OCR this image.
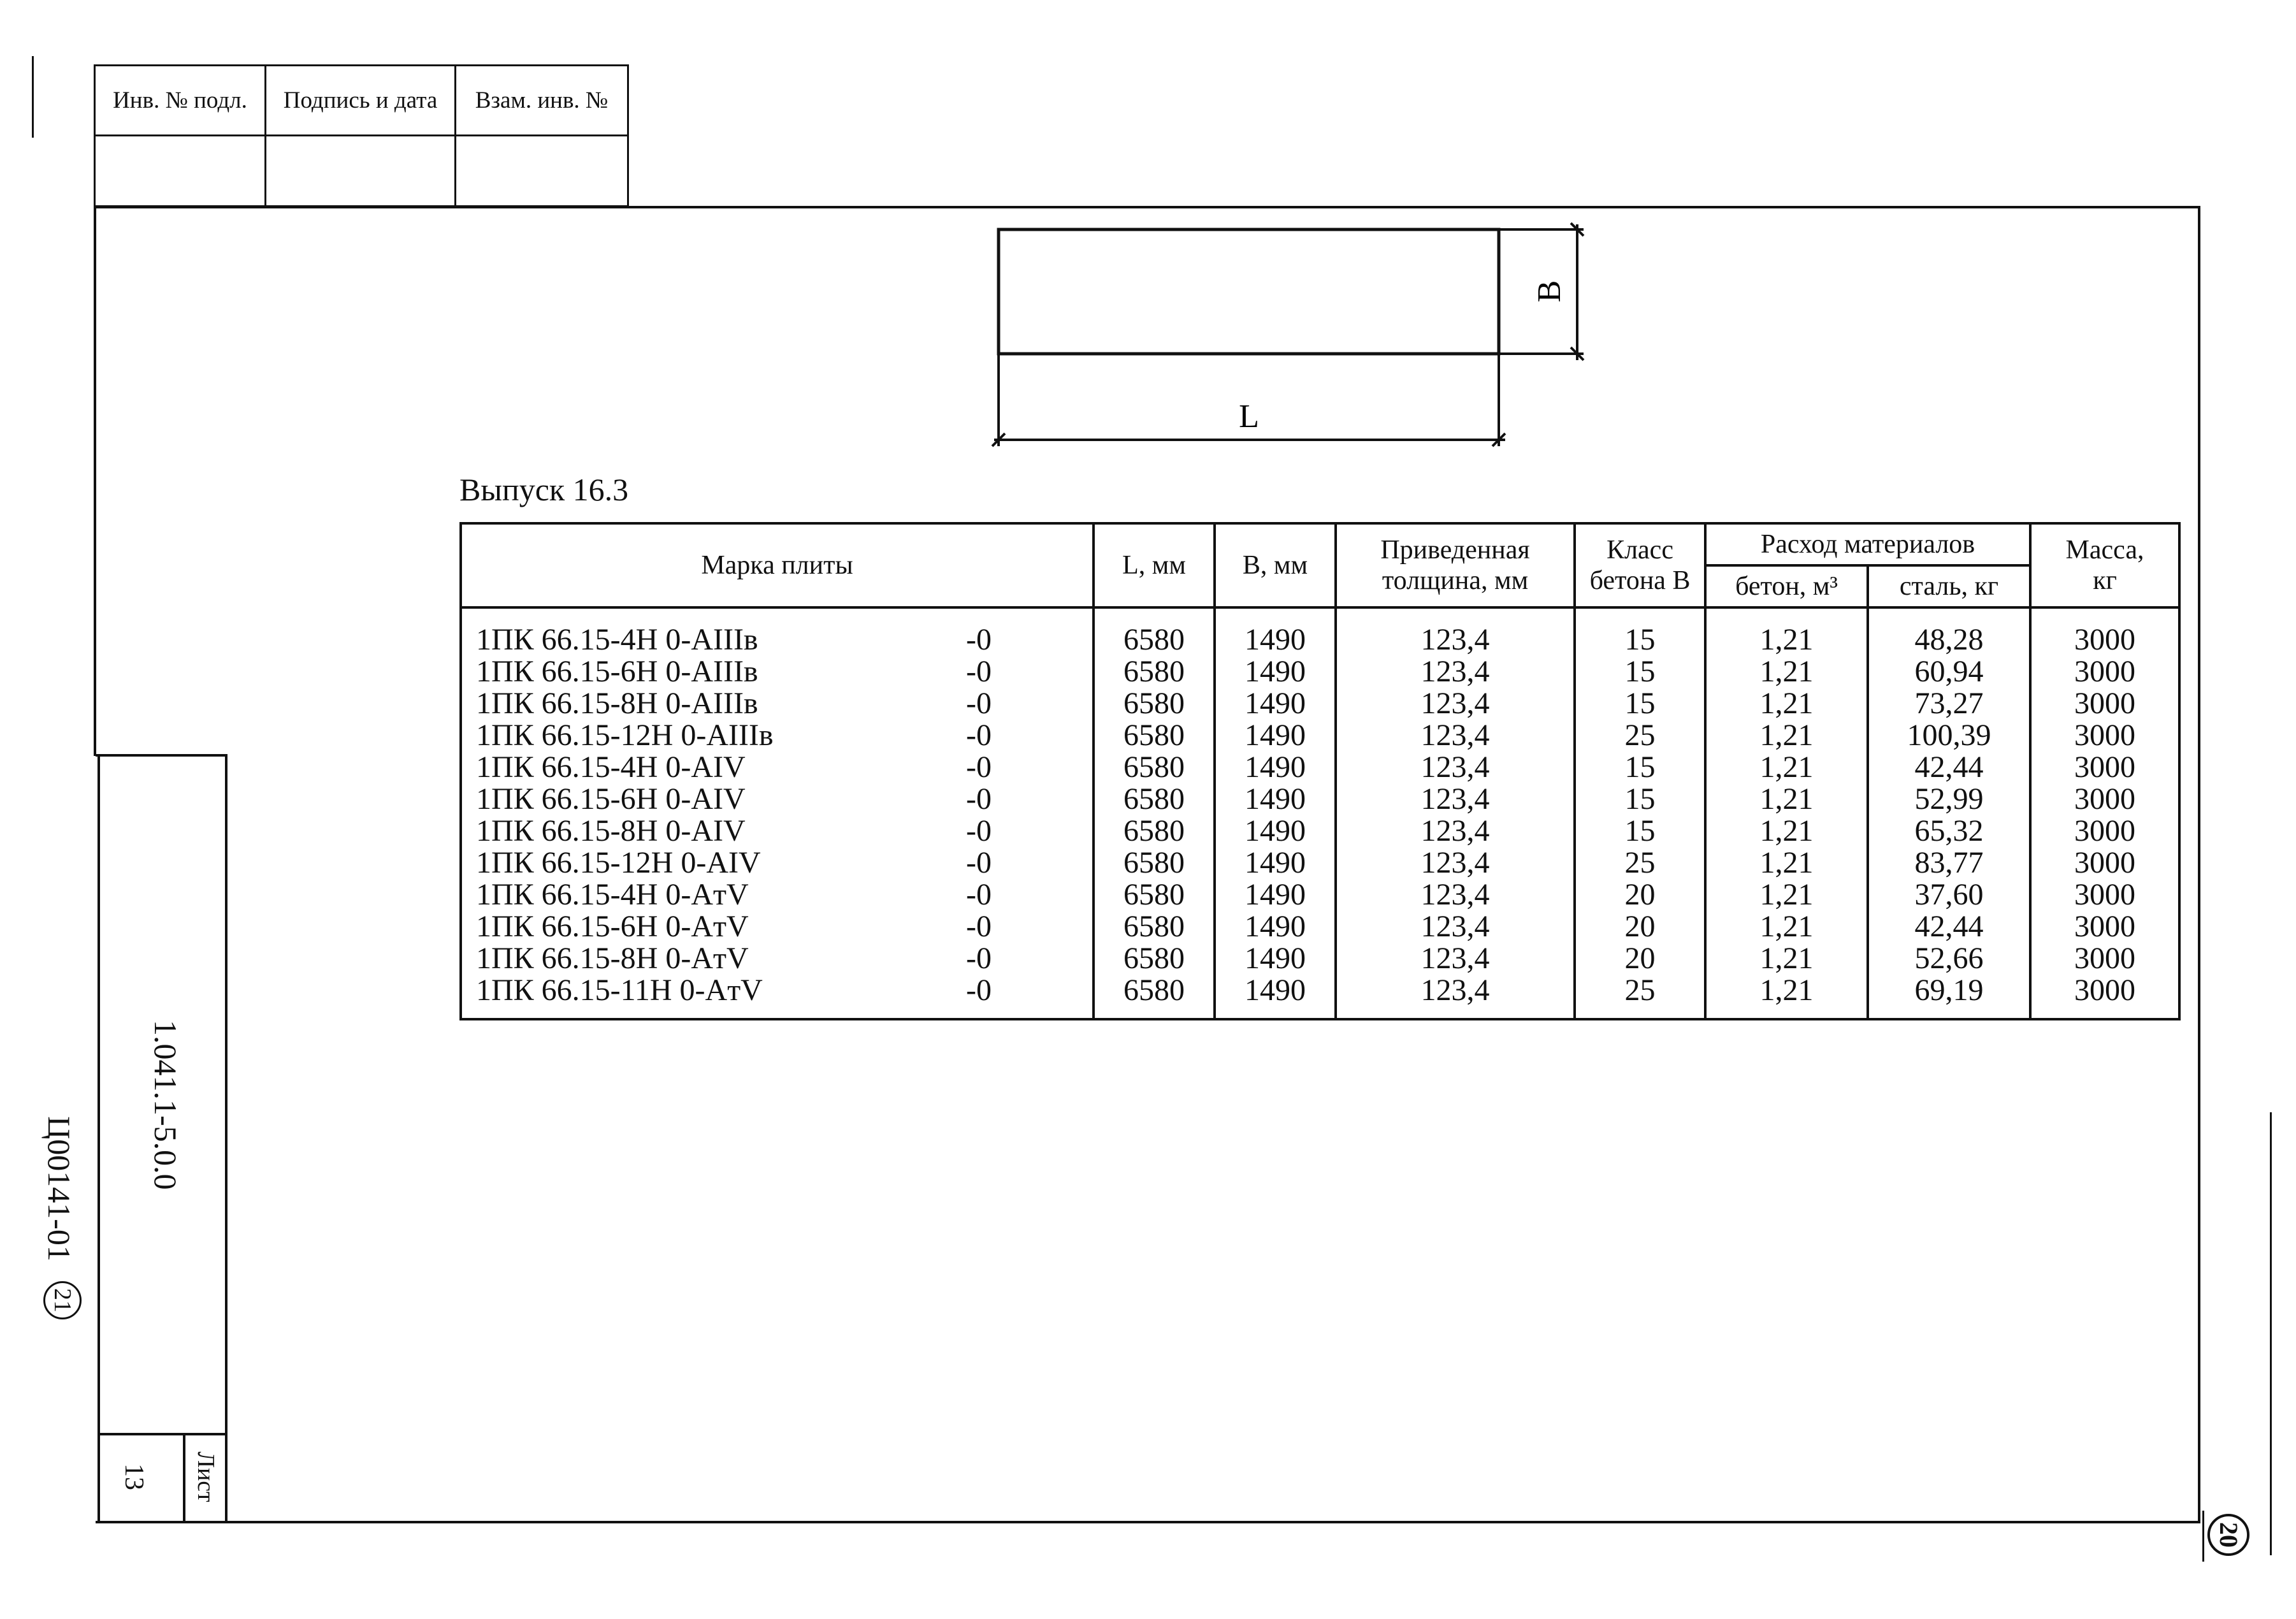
Инв. № подл.	Подпись и дата	Взам. инв. №

1.041.1-5.0.0
Лист
13
Ц00141-01
21
L
B
Выпуск 16.3
Марка плиты		L, мм	B, мм	Приведенная толщина, мм	Класс бетона B	Расход материалов		Масса, кг
						бетон, м³	сталь, кг	
1ПК 66.15-4Н 0-AIIIв	-0	6580	1490	123,4	15	1,21	48,28	3000
1ПК 66.15-6Н 0-AIIIв	-0	6580	1490	123,4	15	1,21	60,94	3000
1ПК 66.15-8Н 0-AIIIв	-0	6580	1490	123,4	15	1,21	73,27	3000
1ПК 66.15-12Н 0-AIIIв	-0	6580	1490	123,4	25	1,21	100,39	3000
1ПК 66.15-4Н 0-AIV	-0	6580	1490	123,4	15	1,21	42,44	3000
1ПК 66.15-6Н 0-AIV	-0	6580	1490	123,4	15	1,21	52,99	3000
1ПК 66.15-8Н 0-AIV	-0	6580	1490	123,4	15	1,21	65,32	3000
1ПК 66.15-12Н 0-AIV	-0	6580	1490	123,4	25	1,21	83,77	3000
1ПК 66.15-4Н 0-AтV	-0	6580	1490	123,4	20	1,21	37,60	3000
1ПК 66.15-6Н 0-AтV	-0	6580	1490	123,4	20	1,21	42,44	3000
1ПК 66.15-8Н 0-AтV	-0	6580	1490	123,4	20	1,21	52,66	3000
1ПК 66.15-11Н 0-AтV	-0	6580	1490	123,4	25	1,21	69,19	3000
20
